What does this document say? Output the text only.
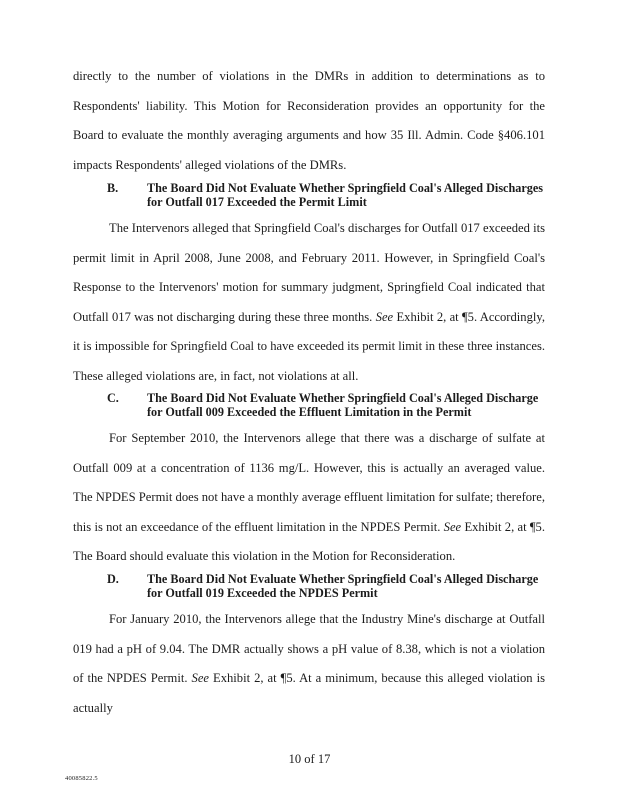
directly to the number of violations in the DMRs in addition to determinations as to Respondents' liability. This Motion for Reconsideration provides an opportunity for the Board to evaluate the monthly averaging arguments and how 35 Ill. Admin. Code §406.101 impacts Respondents' alleged violations of the DMRs.

B. The Board Did Not Evaluate Whether Springfield Coal's Alleged Discharges for Outfall 017 Exceeded the Permit Limit

The Intervenors alleged that Springfield Coal's discharges for Outfall 017 exceeded its permit limit in April 2008, June 2008, and February 2011. However, in Springfield Coal's Response to the Intervenors' motion for summary judgment, Springfield Coal indicated that Outfall 017 was not discharging during these three months. See Exhibit 2, at ¶5. Accordingly, it is impossible for Springfield Coal to have exceeded its permit limit in these three instances. These alleged violations are, in fact, not violations at all.

C. The Board Did Not Evaluate Whether Springfield Coal's Alleged Discharge for Outfall 009 Exceeded the Effluent Limitation in the Permit

For September 2010, the Intervenors allege that there was a discharge of sulfate at Outfall 009 at a concentration of 1136 mg/L. However, this is actually an averaged value. The NPDES Permit does not have a monthly average effluent limitation for sulfate; therefore, this is not an exceedance of the effluent limitation in the NPDES Permit. See Exhibit 2, at ¶5. The Board should evaluate this violation in the Motion for Reconsideration.

D. The Board Did Not Evaluate Whether Springfield Coal's Alleged Discharge for Outfall 019 Exceeded the NPDES Permit

For January 2010, the Intervenors allege that the Industry Mine's discharge at Outfall 019 had a pH of 9.04. The DMR actually shows a pH value of 8.38, which is not a violation of the NPDES Permit. See Exhibit 2, at ¶5. At a minimum, because this alleged violation is actually

10 of 17
40085822.5
